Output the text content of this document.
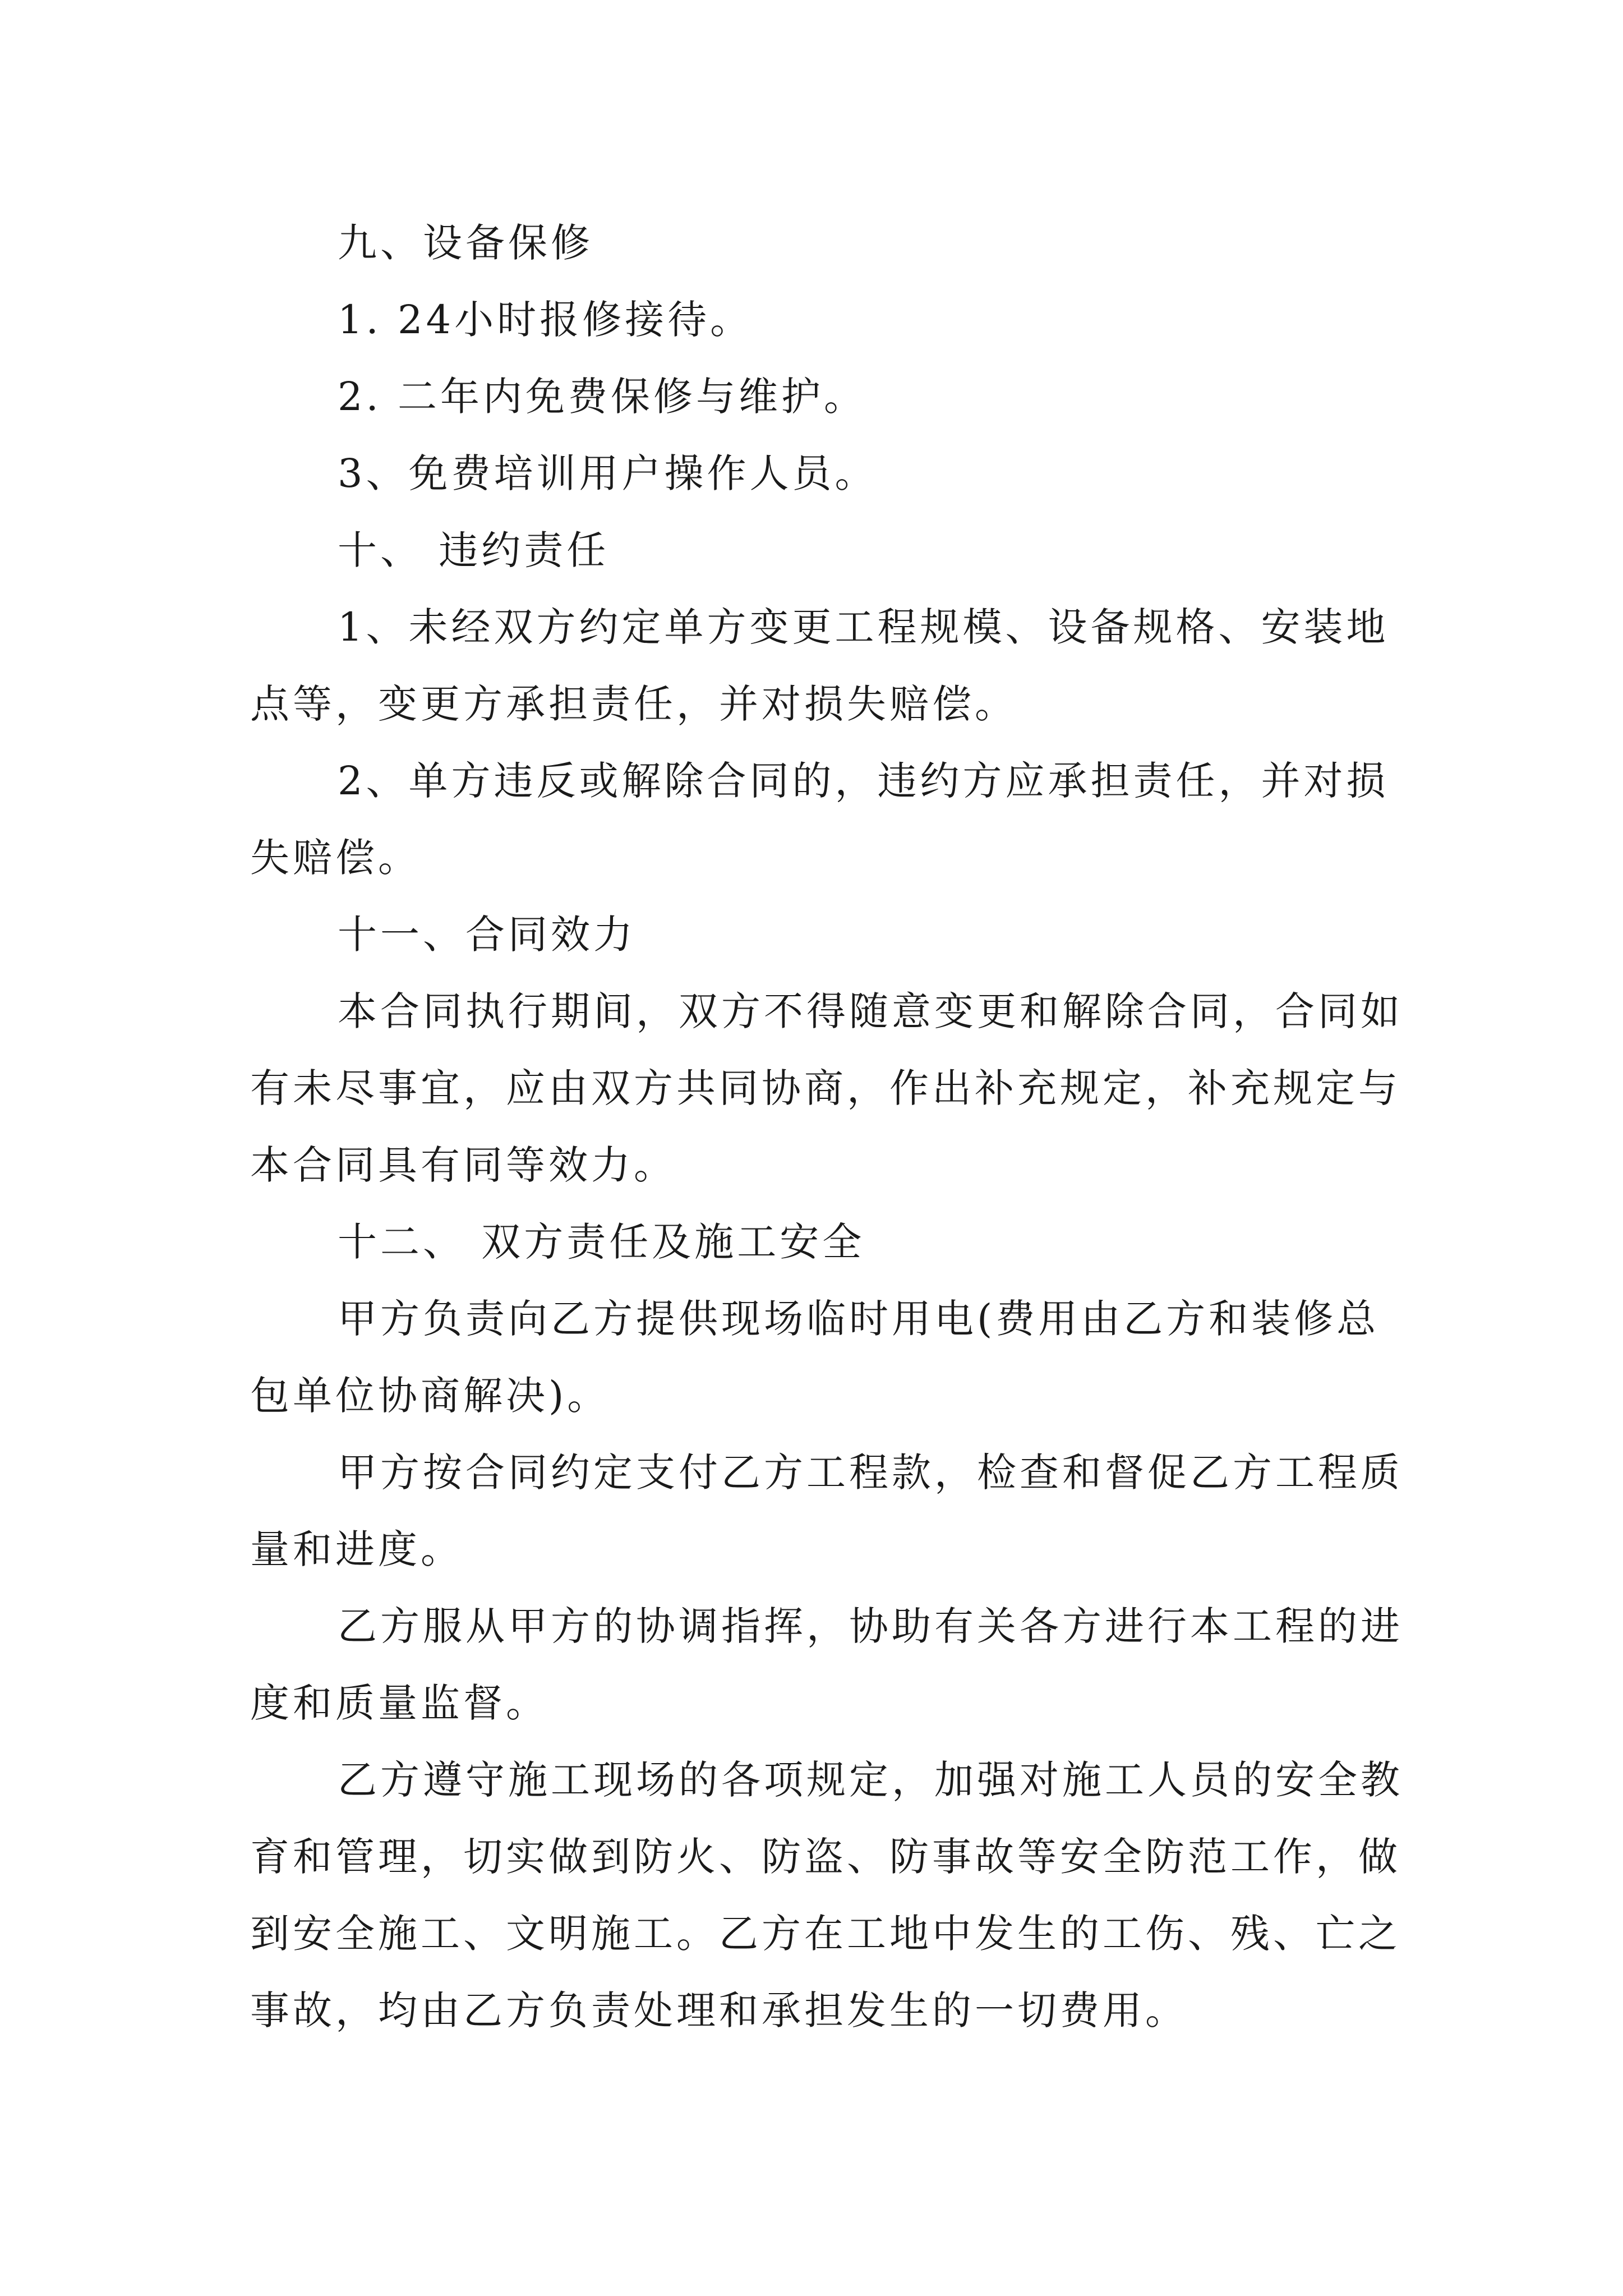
九、设备保修

1. 24小时报修接待。

2. 二年内免费保修与维护。

3、免费培训用户操作人员。

十、 违约责任

1、未经双方约定单方变更工程规模、设备规格、安装地点等，变更方承担责任，并对损失赔偿。

2、单方违反或解除合同的，违约方应承担责任，并对损失赔偿。

十一、合同效力

本合同执行期间，双方不得随意变更和解除合同，合同如有未尽事宜，应由双方共同协商，作出补充规定，补充规定与本合同具有同等效力。

十二、 双方责任及施工安全

甲方负责向乙方提供现场临时用电(费用由乙方和装修总包单位协商解决)。

甲方按合同约定支付乙方工程款，检查和督促乙方工程质量和进度。

乙方服从甲方的协调指挥，协助有关各方进行本工程的进度和质量监督。

乙方遵守施工现场的各项规定，加强对施工人员的安全教育和管理，切实做到防火、防盗、防事故等安全防范工作，做到安全施工、文明施工。乙方在工地中发生的工伤、残、亡之事故，均由乙方负责处理和承担发生的一切费用。
